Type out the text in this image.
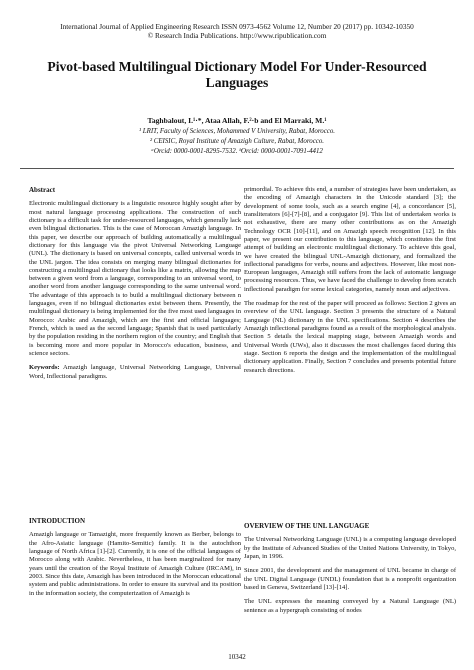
International Journal of Applied Engineering Research ISSN 0973-4562 Volume 12, Number 20 (2017) pp. 10342-10350
© Research India Publications. http://www.ripublication.com
Pivot-based Multilingual Dictionary Model For Under-Resourced Languages
Taghbalout, I.¹·*, Ataa Allah, F.²·b and El Marraki, M.¹
¹ LRIT, Faculty of Sciences, Mohammed V University, Rabat, Morocco.
² CEISIC, Royal Institute of Amazigh Culture, Rabat, Morocco.
ᵃOrcid: 0000-0001-8295-7532. ᵇOrcid: 0000-0001-7091-4412

Abstract

Electronic multilingual dictionary is a linguistic resource highly sought after by most natural language processing applications. The construction of such dictionary is a difficult task for under-resourced languages, which generally lack even bilingual dictionaries. This is the case of Moroccan Amazigh language. In this paper, we describe our approach of building automatically a multilingual dictionary for this language via the pivot Universal Networking Language (UNL). The dictionary is based on universal concepts, called universal words in the UNL jargon. The idea consists on merging many bilingual dictionaries for constructing a multilingual dictionary that looks like a matrix, allowing the map between a given word from a language, corresponding to an universal word, to another word from another language corresponding to the same universal word. The advantage of this approach is to build a multilingual dictionary between n languages, even if no bilingual dictionaries exist between them. Presently, the multilingual dictionary is being implemented for the five most used languages in Morocco: Arabic and Amazigh, which are the first and official languages; French, which is used as the second language; Spanish that is used particularly by the population residing in the northern region of the country; and English that is becoming more and more popular in Morocco's education, business, and science sectors.

Keywords: Amazigh language, Universal Networking Language, Universal Word, Inflectional paradigms.

INTRODUCTION

Amazigh language or Tamazight, more frequently known as Berber, belongs to the Afro-Asiatic language (Hamito-Semitic) family. It is the autochthon language of North Africa [1]-[2]. Currently, it is one of the official languages of Morocco along with Arabic. Nevertheless, it has been marginalized for many years until the creation of the Royal Institute of Amazigh Culture (IRCAM), in 2003. Since this date, Amazigh has been introduced in the Moroccan educational system and public administrations. In order to ensure its survival and its position in the information society, the computerization of Amazigh is

primordial. To achieve this end, a number of strategies have been undertaken, as the encoding of Amazigh characters in the Unicode standard [3]; the development of some tools, such as a search engine [4], a concordancer [5], transliterators [6]-[7]-[8], and a conjugator [9]. This list of undertaken works is not exhaustive, there are many other contributions as on the Amazigh Technology OCR [10]-[11], and on Amazigh speech recognition [12]. In this paper, we present our contribution to this language, which constitutes the first attempt of building an electronic multilingual dictionary. To achieve this goal, we have created the bilingual UNL-Amazigh dictionary, and formalized the inflectional paradigms for verbs, nouns and adjectives. However, like most non-European languages, Amazigh still suffers from the lack of automatic language processing resources. Thus, we have faced the challenge to develop from scratch inflectional paradigm for some lexical categories, namely noun and adjectives.

The roadmap for the rest of the paper will proceed as follows: Section 2 gives an overview of the UNL language. Section 3 presents the structure of a Natural Language (NL) dictionary in the UNL specifications. Section 4 describes the Amazigh inflectional paradigms found as a result of the morphological analysis. Section 5 details the lexical mapping stage, between Amazigh words and Universal Words (UWs), also it discusses the most challenges faced during this stage. Section 6 reports the design and the implementation of the multilingual dictionary application. Finally, Section 7 concludes and presents potential future research directions.

OVERVIEW OF THE UNL LANGUAGE

The Universal Networking Language (UNL) is a computing language developed by the Institute of Advanced Studies of the United Nations University, in Tokyo, Japan, in 1996.

Since 2001, the development and the management of UNL became in charge of the UNL Digital Language (UNDL) foundation that is a nonprofit organization based in Geneva, Switzerland [13]-[14].

The UNL expresses the meaning conveyed by a Natural Language (NL) sentence as a hypergraph consisting of nodes

10342
